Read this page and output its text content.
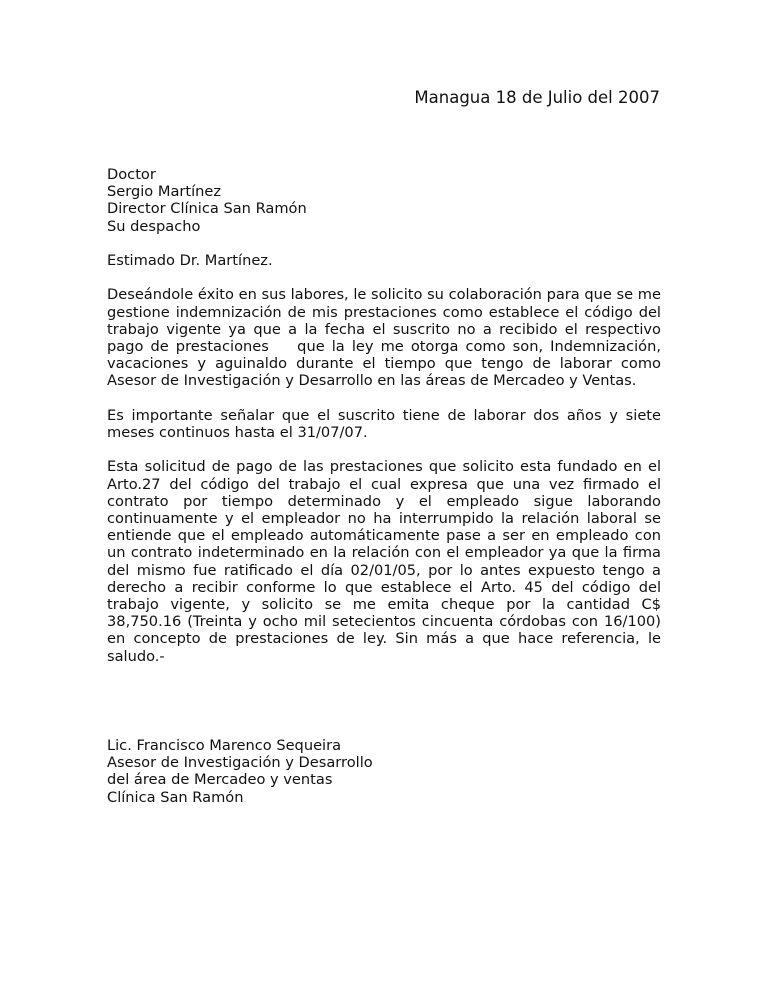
Managua 18 de Julio del 2007
Doctor
Sergio Martínez
Director Clínica San Ramón
Su despacho
Estimado Dr. Martínez.

Deseándole éxito en sus labores, le solicito su colaboración para que se me gestione indemnización de mis prestaciones como establece el código del trabajo vigente ya que a la fecha el suscrito no a recibido el respectivo pago de prestaciones    que la ley me otorga como son, Indemnización, vacaciones y aguinaldo durante el tiempo que tengo de laborar como Asesor de Investigación y Desarrollo en las áreas de Mercadeo y Ventas.

Es importante señalar que el suscrito tiene de laborar dos años y siete meses continuos hasta el 31/07/07.

Esta solicitud de pago de las prestaciones que solicito esta fundado en el Arto.27 del código del trabajo el cual expresa que una vez firmado el contrato por tiempo determinado y el empleado sigue laborando continuamente y el empleador no ha interrumpido la relación laboral se entiende que el empleado automáticamente pase a ser en empleado con un contrato indeterminado en la relación con el empleador ya que la firma del mismo fue ratificado el día 02/01/05, por lo antes expuesto tengo a derecho a recibir conforme lo que establece el Arto. 45 del código del trabajo vigente, y solicito se me emita cheque por la cantidad C$ 38,750.16 (Treinta y ocho mil setecientos cincuenta córdobas con 16/100) en concepto de prestaciones de ley. Sin más a que hace referencia, le saludo.-

Lic. Francisco Marenco Sequeira
Asesor de Investigación y Desarrollo
del área de Mercadeo y ventas
Clínica San Ramón
